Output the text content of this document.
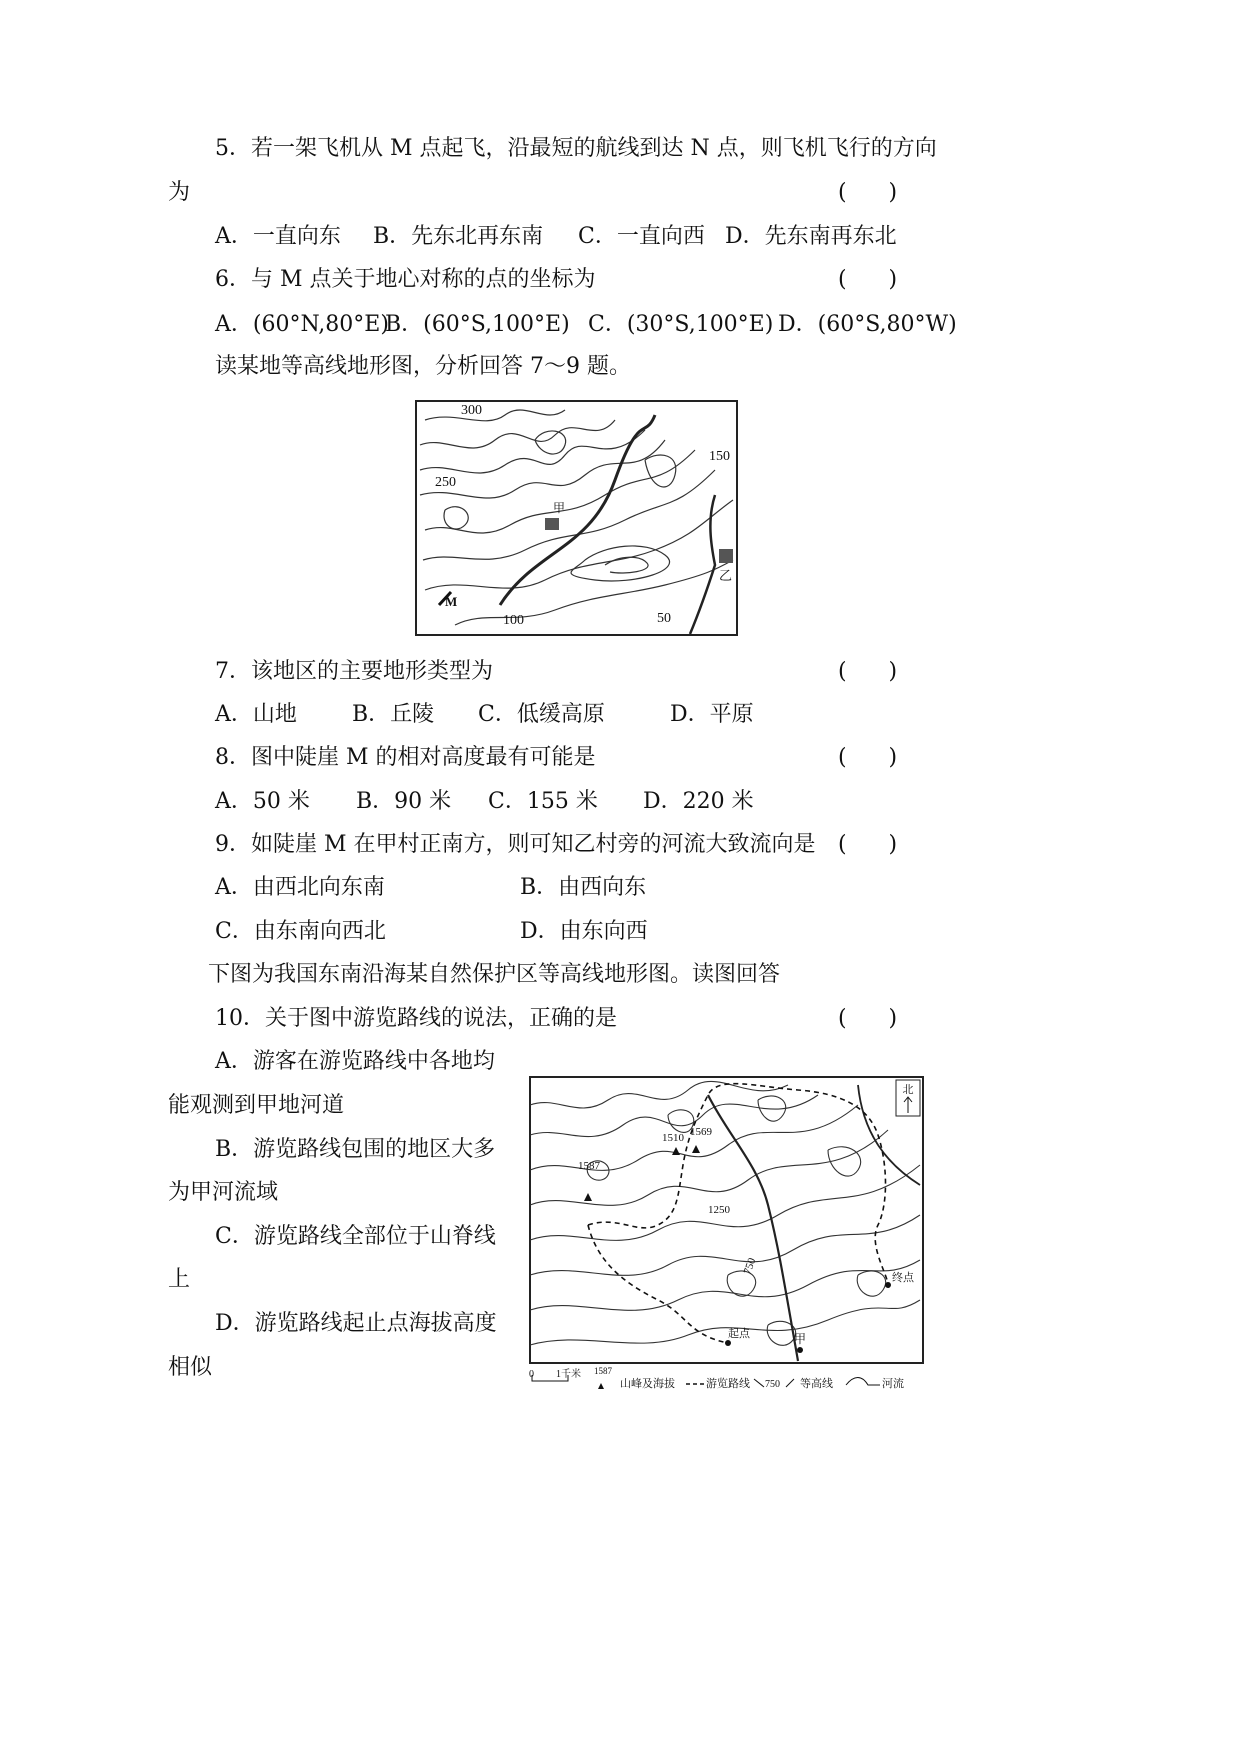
5．若一架飞机从 M 点起飞，沿最短的航线到达 N 点，则飞机飞行的方向
为	(      )
A．一直向东 B．先东北再东南 C．一直向西 D．先东南再东北
6．与 M 点关于地心对称的点的坐标为	(      )
A．(60°N,80°E)
B．(60°S,100°E) C．(30°S,100°E) D．(60°S,80°W)
读某地等高线地形图，分析回答 7～9 题。
300
250
150
100	50
甲
乙
M
7．该地区的主要地形类型为	(      )
A．山地	B．丘陵 C．低缓高原	D．平原
8．图中陡崖 M 的相对高度最有可能是	(      )
A．50 米 B．90 米 C．155 米 D．220 米
9．如陡崖 M 在甲村正南方，则可知乙村旁的河流大致流向是 (      )
A．由西北向东南	B．由西向东
C．由东南向西北	D．由东向西
下图为我国东南沿海某自然保护区等高线地形图。读图回答
10．关于图中游览路线的说法，正确的是	(      )
A．游客在游览路线中各地均
能观测到甲地河道
B．游览路线包围的地区大多
为甲河流域
C．游览路线全部位于山脊线
上
D．游览路线起止点海拔高度
相似
北
1510 1569
1587
1250
750
起点
终点
甲
0 1千米 1587
山峰及海拔	游览路线 750 等高线	河流
